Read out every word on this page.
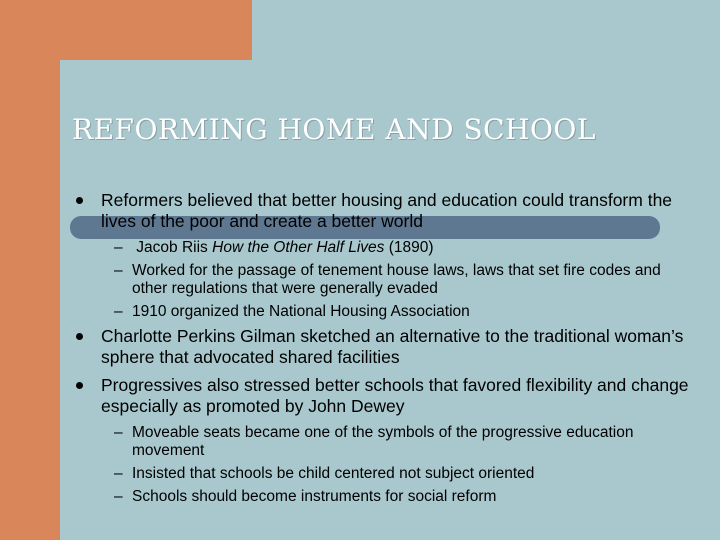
REFORMING HOME AND SCHOOL
Reformers believed that better housing and education could transform the lives of the poor and create a better world
– Jacob Riis How the Other Half Lives (1890)
– Worked for the passage of tenement house laws, laws that set fire codes and other regulations that were generally evaded
– 1910 organized the National Housing Association
Charlotte Perkins Gilman sketched an alternative to the traditional woman’s sphere that advocated shared facilities
Progressives also stressed better schools that favored flexibility and change especially as promoted by John Dewey
– Moveable seats became one of the symbols of the progressive education movement
– Insisted that schools be child centered not subject oriented
– Schools should become instruments for social reform
